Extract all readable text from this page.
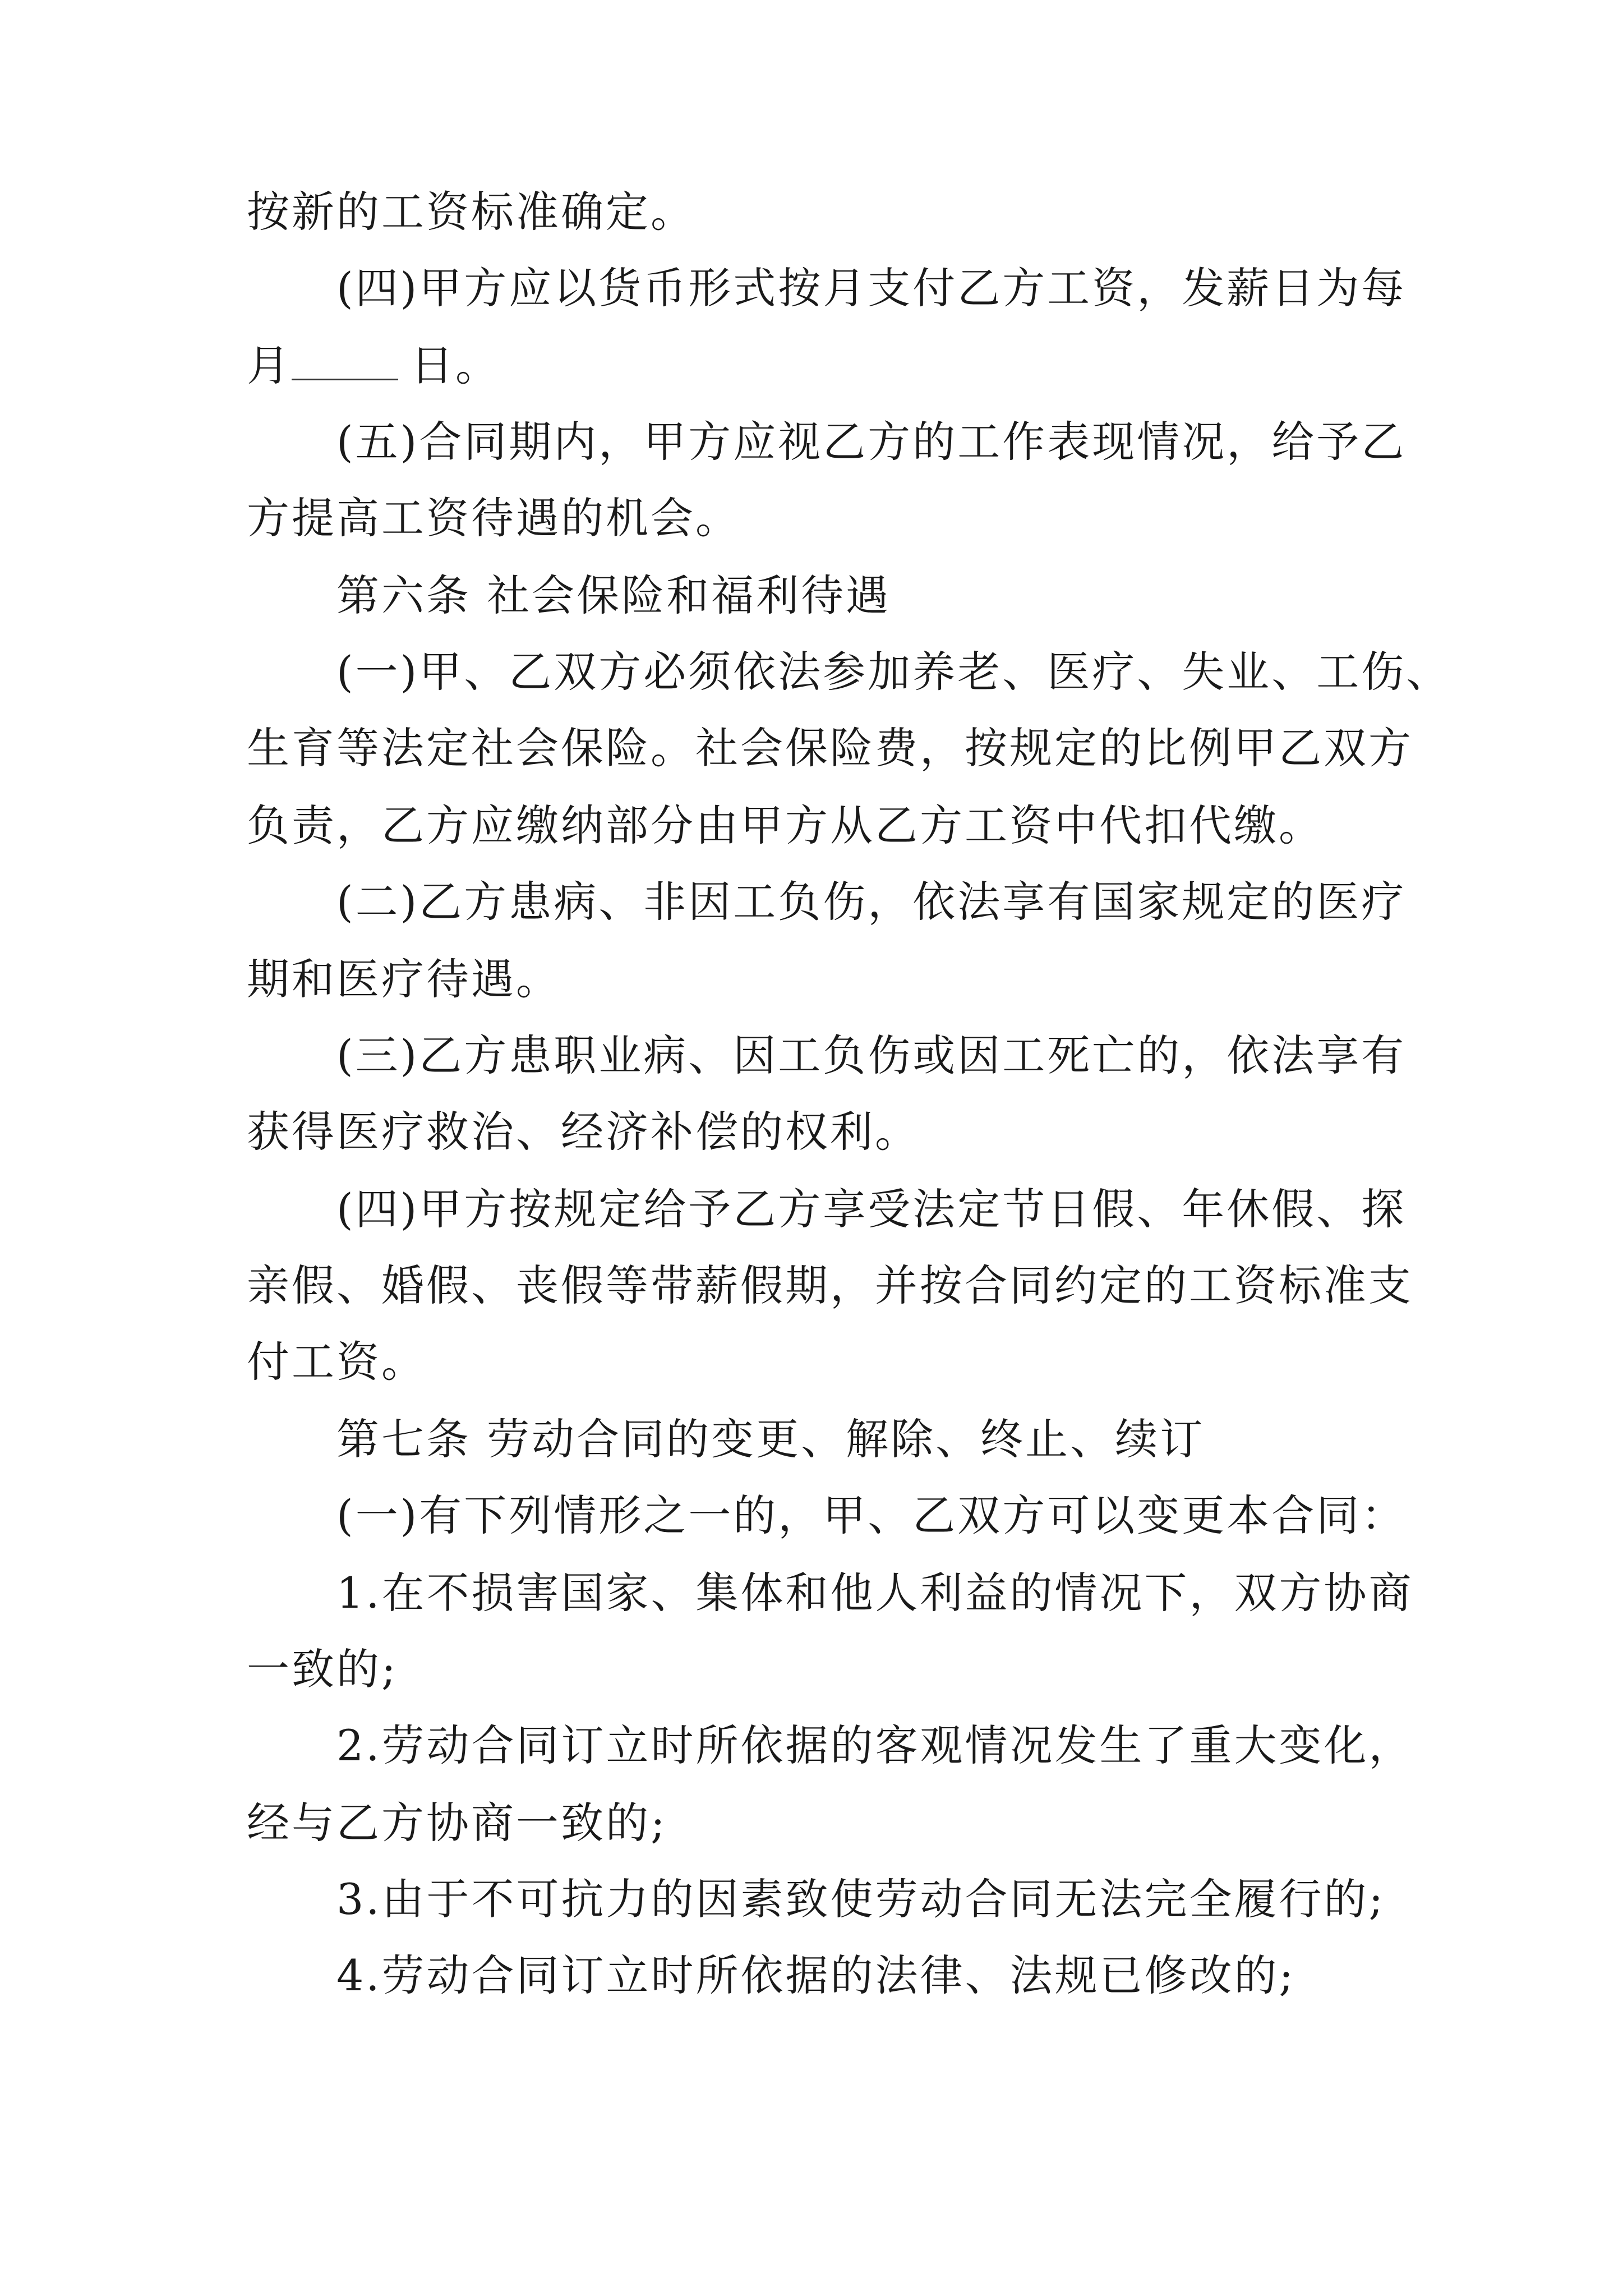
按新的工资标准确定。
(四)甲方应以货币形式按月支付乙方工资，发薪日为每
月	日。
(五)合同期内，甲方应视乙方的工作表现情况，给予乙
方提高工资待遇的机会。
第六条 社会保险和福利待遇
(一)甲、乙双方必须依法参加养老、医疗、失业、工伤、
生育等法定社会保险。社会保险费，按规定的比例甲乙双方
负责，乙方应缴纳部分由甲方从乙方工资中代扣代缴。
(二)乙方患病、非因工负伤，依法享有国家规定的医疗
期和医疗待遇。
(三)乙方患职业病、因工负伤或因工死亡的，依法享有
获得医疗救治、经济补偿的权利。
(四)甲方按规定给予乙方享受法定节日假、年休假、探
亲假、婚假、丧假等带薪假期，并按合同约定的工资标准支
付工资。
第七条 劳动合同的变更、解除、终止、续订
(一)有下列情形之一的，甲、乙双方可以变更本合同：
1.在不损害国家、集体和他人利益的情况下，双方协商
一致的;
2.劳动合同订立时所依据的客观情况发生了重大变化，
经与乙方协商一致的;
3.由于不可抗力的因素致使劳动合同无法完全履行的;
4.劳动合同订立时所依据的法律、法规已修改的;
